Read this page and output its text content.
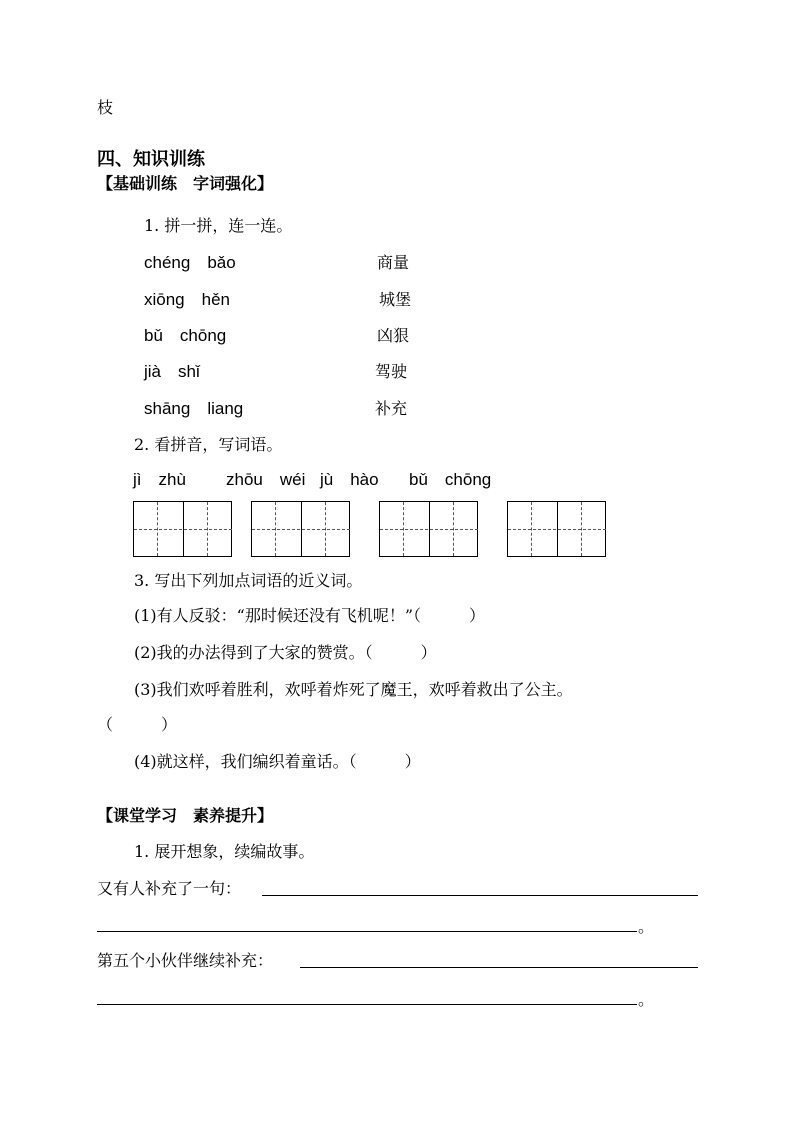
枝
四、知识训练
【基础训练　字词强化】
1. 拼一拼，连一连。
chéng　bǎo
xiōng　hěn
bǔ　chōng
jià　shǐ
shāng　liang
商量
城堡
凶狠
驾驶
补充
2. 看拼音，写词语。
jì　zhù zhōu　wéi jù　hào bǔ　chōng
3. 写出下列加点词语的近义词。
(1)有人反驳：“那时候还没有飞机呢！”（　　　）
(2)我的办法得到了大家的赞赏。（　　　）
(3)我们欢呼着胜利，欢呼着炸死了魔王，欢呼着救出了公主。
（　　　）
(4)就这样，我们编织着童话。（　　　）
【课堂学习　素养提升】
1. 展开想象，续编故事。
又有人补充了一句：
。
第五个小伙伴继续补充：
。
